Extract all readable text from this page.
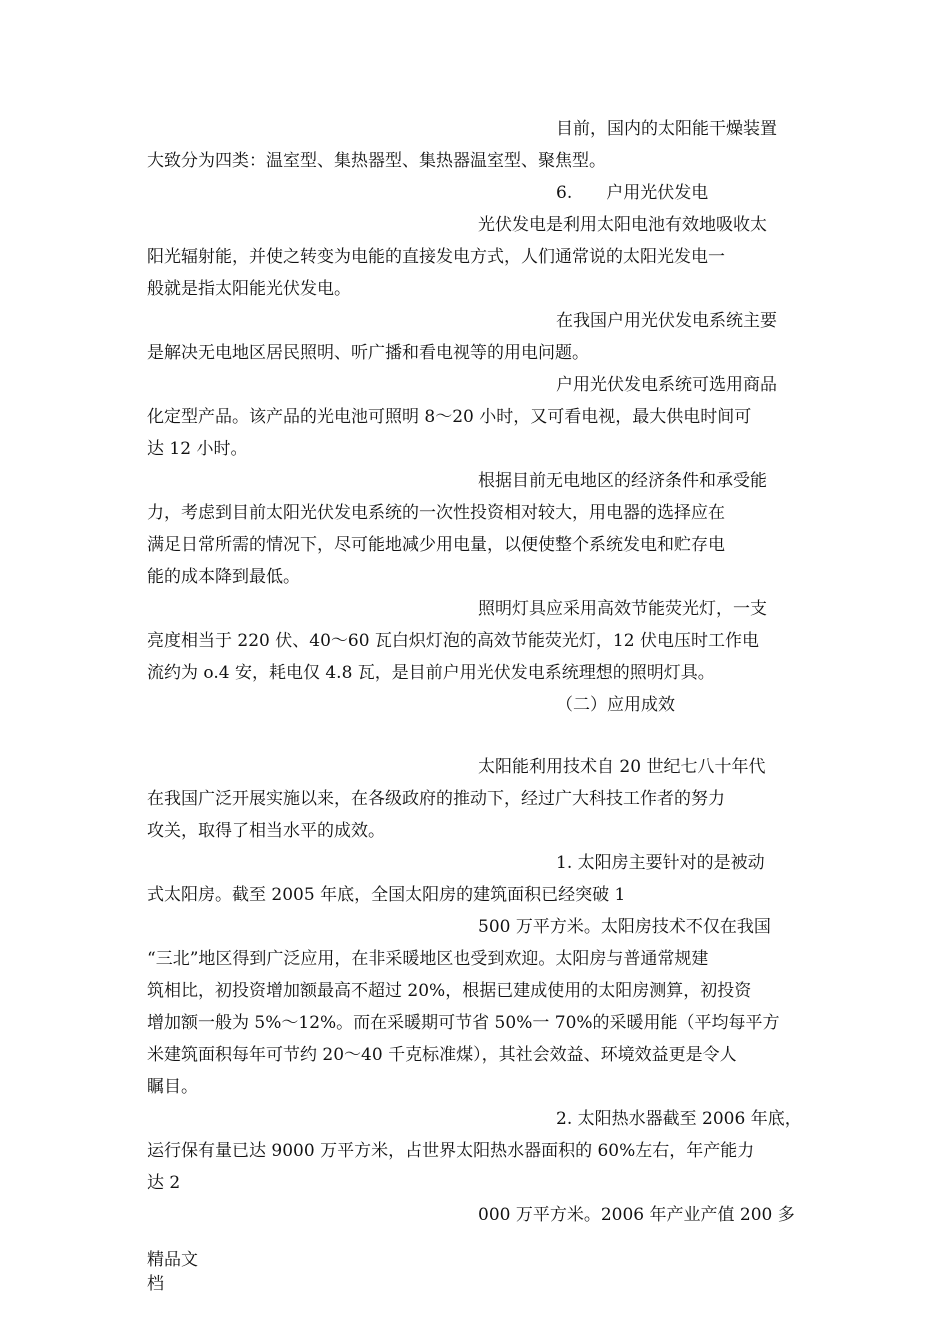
目前，国内的太阳能干燥装置
大致分为四类：温室型、集热器型、集热器温室型、聚焦型。
6.　　户用光伏发电
光伏发电是利用太阳电池有效地吸收太
阳光辐射能，并使之转变为电能的直接发电方式，人们通常说的太阳光发电一
般就是指太阳能光伏发电。
在我国户用光伏发电系统主要
是解决无电地区居民照明、听广播和看电视等的用电问题。
户用光伏发电系统可选用商品
化定型产品。该产品的光电池可照明 8～20 小时，又可看电视，最大供电时间可
达 12 小时。
根据目前无电地区的经济条件和承受能
力，考虑到目前太阳光伏发电系统的一次性投资相对较大，用电器的选择应在
满足日常所需的情况下，尽可能地减少用电量，以便使整个系统发电和贮存电
能的成本降到最低。
照明灯具应采用高效节能荧光灯，一支
亮度相当于 220 伏、40～60 瓦白炽灯泡的高效节能荧光灯，12 伏电压时工作电
流约为 o.4 安，耗电仅 4.8 瓦，是目前户用光伏发电系统理想的照明灯具。
（二）应用成效
太阳能利用技术自 20 世纪七八十年代
在我国广泛开展实施以来，在各级政府的推动下，经过广大科技工作者的努力
攻关，取得了相当水平的成效。
1. 太阳房主要针对的是被动
式太阳房。截至 2005 年底，全国太阳房的建筑面积已经突破 1
500 万平方米。太阳房技术不仅在我国
“三北”地区得到广泛应用，在非采暖地区也受到欢迎。太阳房与普通常规建
筑相比，初投资增加额最高不超过 20%，根据已建成使用的太阳房测算，初投资
增加额一般为 5%～12%。而在采暖期可节省 50%一 70%的采暖用能（平均每平方
米建筑面积每年可节约 20～40 千克标准煤），其社会效益、环境效益更是令人
瞩目。
2. 太阳热水器截至 2006 年底，
运行保有量已达 9000 万平方米，占世界太阳热水器面积的 60%左右，年产能力
达 2
000 万平方米。2006 年产业产值 200 多
精品文档
